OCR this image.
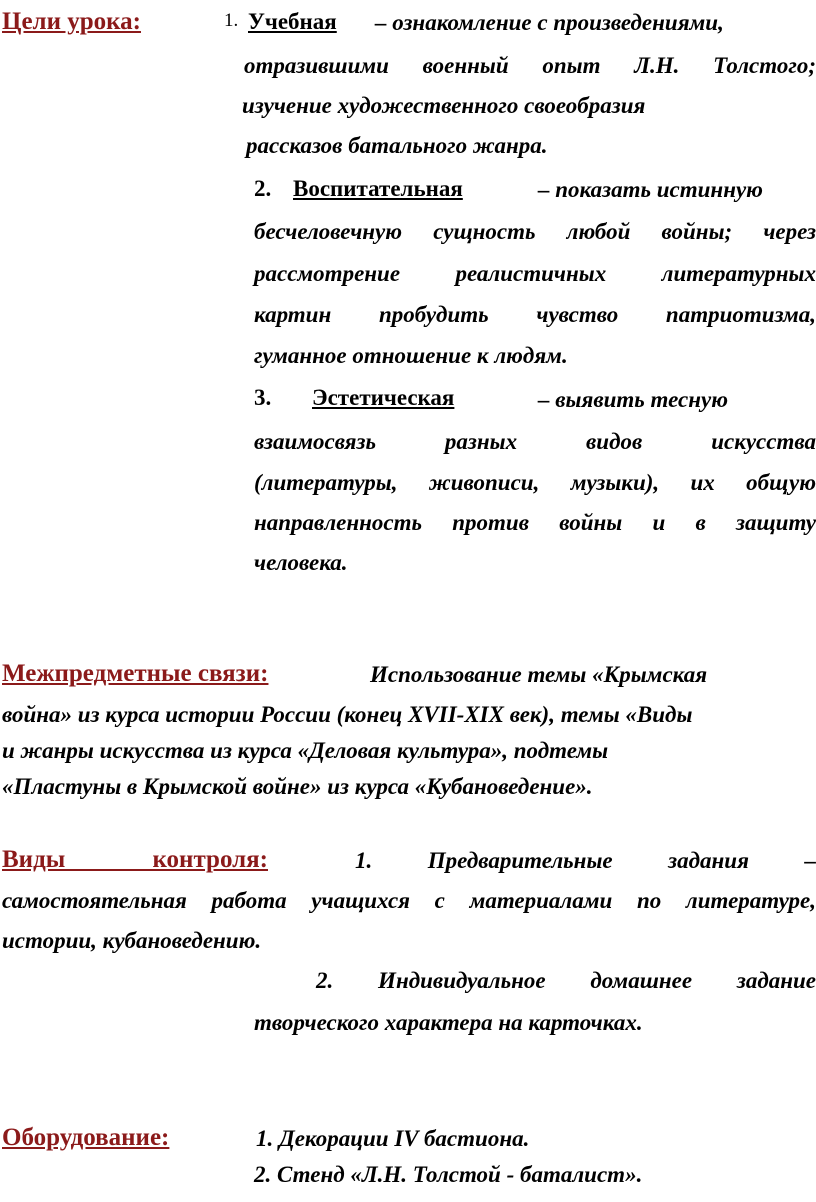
Цели урока:	1. Учебная – ознакомление с произведениями,
отразившими военный опыт Л.Н. Толстого;
изучение художественного своеобразия
рассказов батального жанра.
2. Воспитательная	– показать истинную
бесчеловечную сущность любой войны; через
рассмотрение реалистичных литературных
картин пробудить чувство патриотизма,
гуманное отношение к людям.
3. Эстетическая	– выявить тесную
взаимосвязь разных видов искусства
(литературы, живописи, музыки), их общую
направленность против войны и в защиту
человека.
Межпредметные связи:	Использование темы «Крымская
война» из курса истории России (конец XVII-XIX век), темы «Виды
и жанры искусства из курса «Деловая культура», подтемы
«Пластуны в Крымской войне» из курса «Кубановедение».
Виды контроля:	1. Предварительные задания –
самостоятельная работа учащихся с материалами по литературе,
истории, кубановедению.
2. Индивидуальное домашнее задание
творческого характера на карточках.
Оборудование:	1. Декорации IV бастиона.
2. Стенд «Л.Н. Толстой - баталист».
